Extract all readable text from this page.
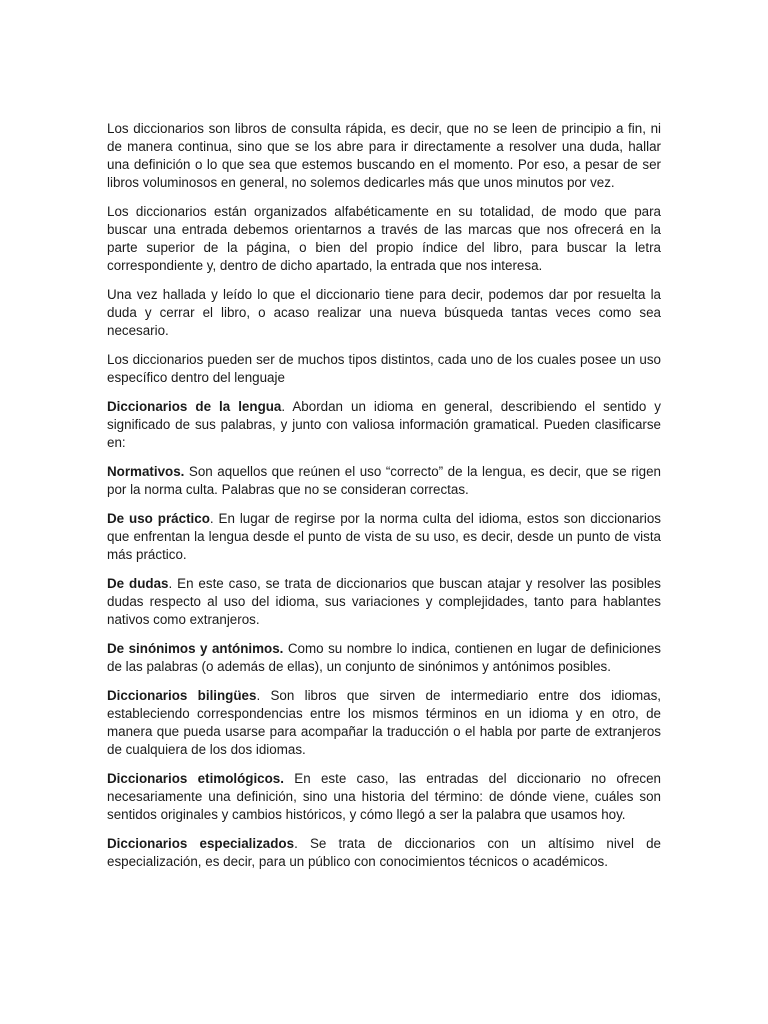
Los diccionarios son libros de consulta rápida, es decir, que no se leen de principio a fin, ni de manera continua, sino que se los abre para ir directamente a resolver una duda, hallar una definición o lo que sea que estemos buscando en el momento. Por eso, a pesar de ser libros voluminosos en general, no solemos dedicarles más que unos minutos por vez.

Los diccionarios están organizados alfabéticamente en su totalidad, de modo que para buscar una entrada debemos orientarnos a través de las marcas que nos ofrecerá en la parte superior de la página, o bien del propio índice del libro, para buscar la letra correspondiente y, dentro de dicho apartado, la entrada que nos interesa.

Una vez hallada y leído lo que el diccionario tiene para decir, podemos dar por resuelta la duda y cerrar el libro, o acaso realizar una nueva búsqueda tantas veces como sea necesario.

Los diccionarios pueden ser de muchos tipos distintos, cada uno de los cuales posee un uso específico dentro del lenguaje

Diccionarios de la lengua. Abordan un idioma en general, describiendo el sentido y significado de sus palabras, y junto con valiosa información gramatical. Pueden clasificarse en:

Normativos. Son aquellos que reúnen el uso “correcto” de la lengua, es decir, que se rigen por la norma culta. Palabras que no se consideran correctas.

De uso práctico. En lugar de regirse por la norma culta del idioma, estos son diccionarios que enfrentan la lengua desde el punto de vista de su uso, es decir, desde un punto de vista más práctico.

De dudas. En este caso, se trata de diccionarios que buscan atajar y resolver las posibles dudas respecto al uso del idioma, sus variaciones y complejidades, tanto para hablantes nativos como extranjeros.

De sinónimos y antónimos. Como su nombre lo indica, contienen en lugar de definiciones de las palabras (o además de ellas), un conjunto de sinónimos y antónimos posibles.

Diccionarios bilingües. Son libros que sirven de intermediario entre dos idiomas, estableciendo correspondencias entre los mismos términos en un idioma y en otro, de manera que pueda usarse para acompañar la traducción o el habla por parte de extranjeros de cualquiera de los dos idiomas.

Diccionarios etimológicos. En este caso, las entradas del diccionario no ofrecen necesariamente una definición, sino una historia del término: de dónde viene, cuáles son sentidos originales y cambios históricos, y cómo llegó a ser la palabra que usamos hoy.

Diccionarios especializados. Se trata de diccionarios con un altísimo nivel de especialización, es decir, para un público con conocimientos técnicos o académicos.
